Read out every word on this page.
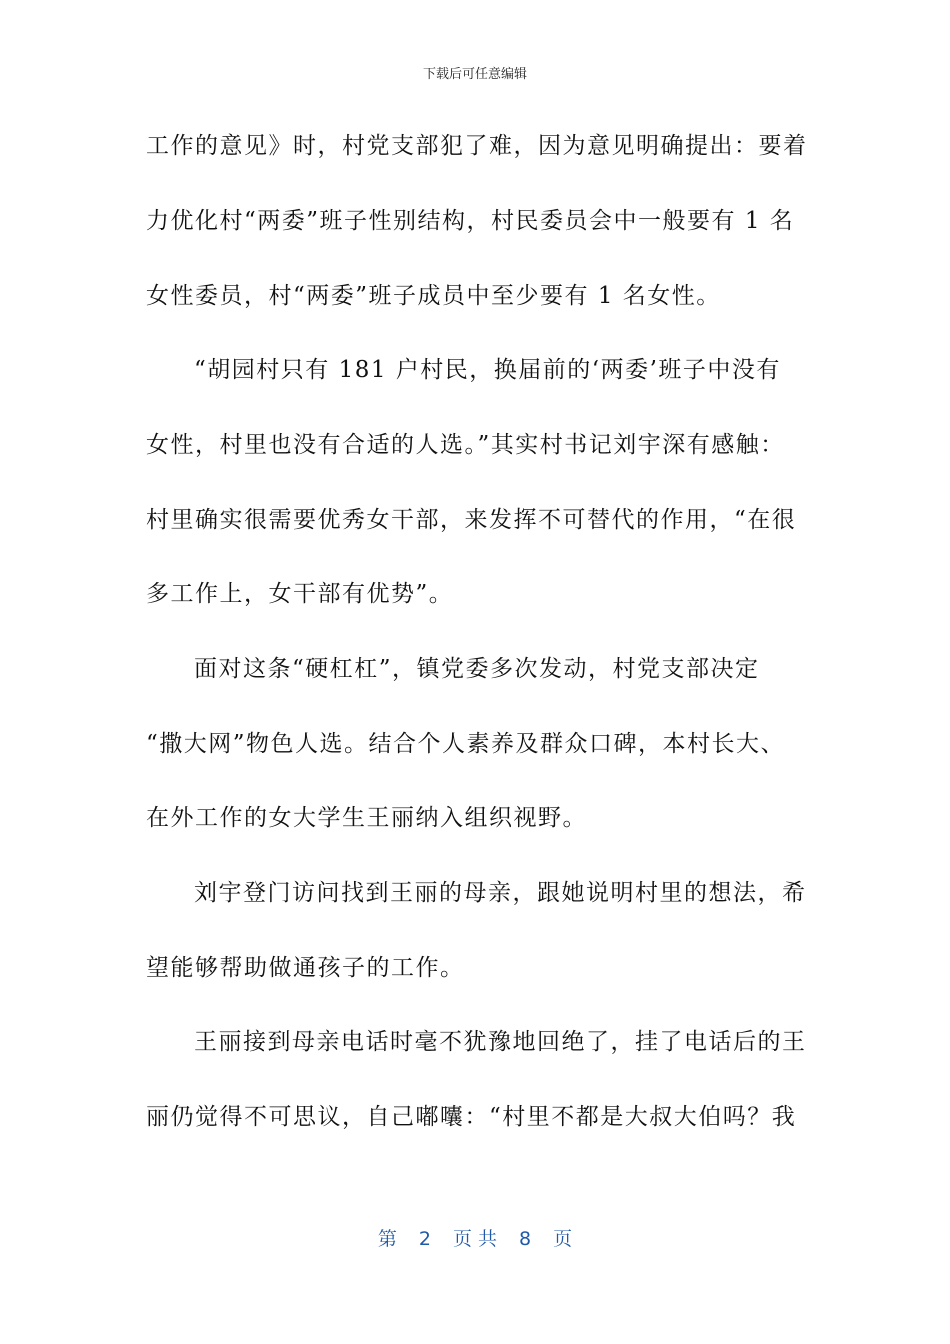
下载后可任意编辑
工作的意见》时，村党支部犯了难，因为意见明确提出：要着
力优化村“两委”班子性别结构，村民委员会中一般要有 1 名
女性委员，村“两委”班子成员中至少要有 1 名女性。
“胡园村只有 181 户村民，换届前的‘两委’班子中没有
女性，村里也没有合适的人选。”其实村书记刘宇深有感触：
村里确实很需要优秀女干部，来发挥不可替代的作用，“在很
多工作上，女干部有优势”。
面对这条“硬杠杠”，镇党委多次发动，村党支部决定
“撒大网”物色人选。结合个人素养及群众口碑，本村长大、
在外工作的女大学生王丽纳入组织视野。
刘宇登门访问找到王丽的母亲，跟她说明村里的想法，希
望能够帮助做通孩子的工作。
王丽接到母亲电话时毫不犹豫地回绝了，挂了电话后的王
丽仍觉得不可思议，自己嘟囔：“村里不都是大叔大伯吗？我
第 2 页 共 8 页
